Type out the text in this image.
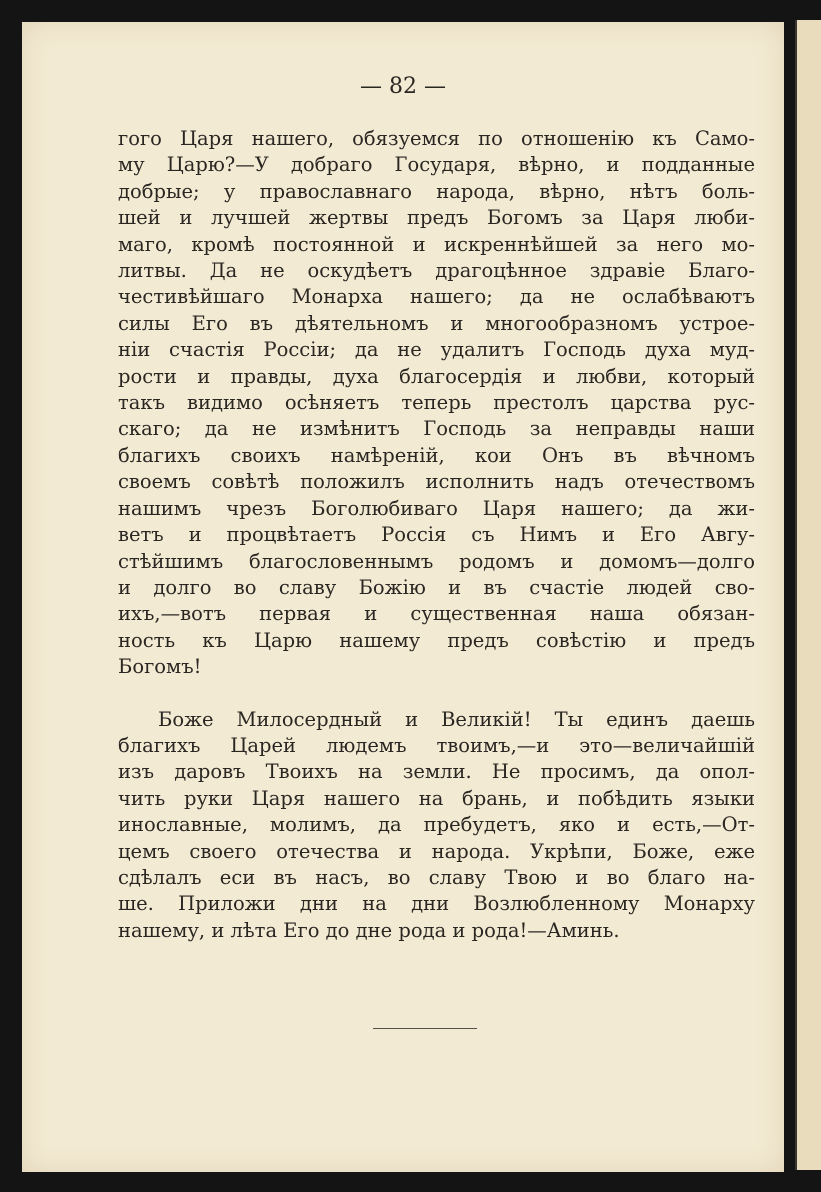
— 82 —

гого Царя нашего, обязуемся по отношенію къ Само-
му Царю?—У добраго Государя, вѣрно, и подданные
добрые; у православнаго народа, вѣрно, нѣтъ боль-
шей и лучшей жертвы предъ Богомъ за Царя люби-
маго, кромѣ постоянной и искреннѣйшей за него мо-
литвы. Да не оскудѣетъ драгоцѣнное здравіе Благо-
честивѣйшаго Монарха нашего; да не ослабѣваютъ
силы Его въ дѣятельномъ и многообразномъ устрое-
ніи счастія Россіи; да не удалитъ Господь духа муд-
рости и правды, духа благосердія и любви, который
такъ видимо осѣняетъ теперь престолъ царства рус-
скаго; да не измѣнитъ Господь за неправды наши
благихъ своихъ намѣреній, кои Онъ въ вѣчномъ
своемъ совѣтѣ положилъ исполнить надъ отечествомъ
нашимъ чрезъ Боголюбиваго Царя нашего; да жи-
ветъ и процвѣтаетъ Россія съ Нимъ и Его Авгу-
стѣйшимъ благословеннымъ родомъ и домомъ—долго
и долго во славу Божію и въ счастіе людей сво-
ихъ,—вотъ первая и существенная наша обязан-
ность къ Царю нашему предъ совѣстію и предъ
Богомъ!

Боже Милосердный и Великій! Ты единъ даешь
благихъ Царей людемъ твоимъ,—и это—величайшій
изъ даровъ Твоихъ на земли. Не просимъ, да опол-
чить руки Царя нашего на брань, и побѣдить языки
инославные, молимъ, да пребудетъ, яко и есть,—От-
цемъ своего отечества и народа. Укрѣпи, Боже, еже
сдѣлалъ еси въ насъ, во славу Твою и во благо на-
ше. Приложи дни на дни Возлюбленному Монарху
нашему, и лѣта Его до дне рода и рода!—Аминь.
